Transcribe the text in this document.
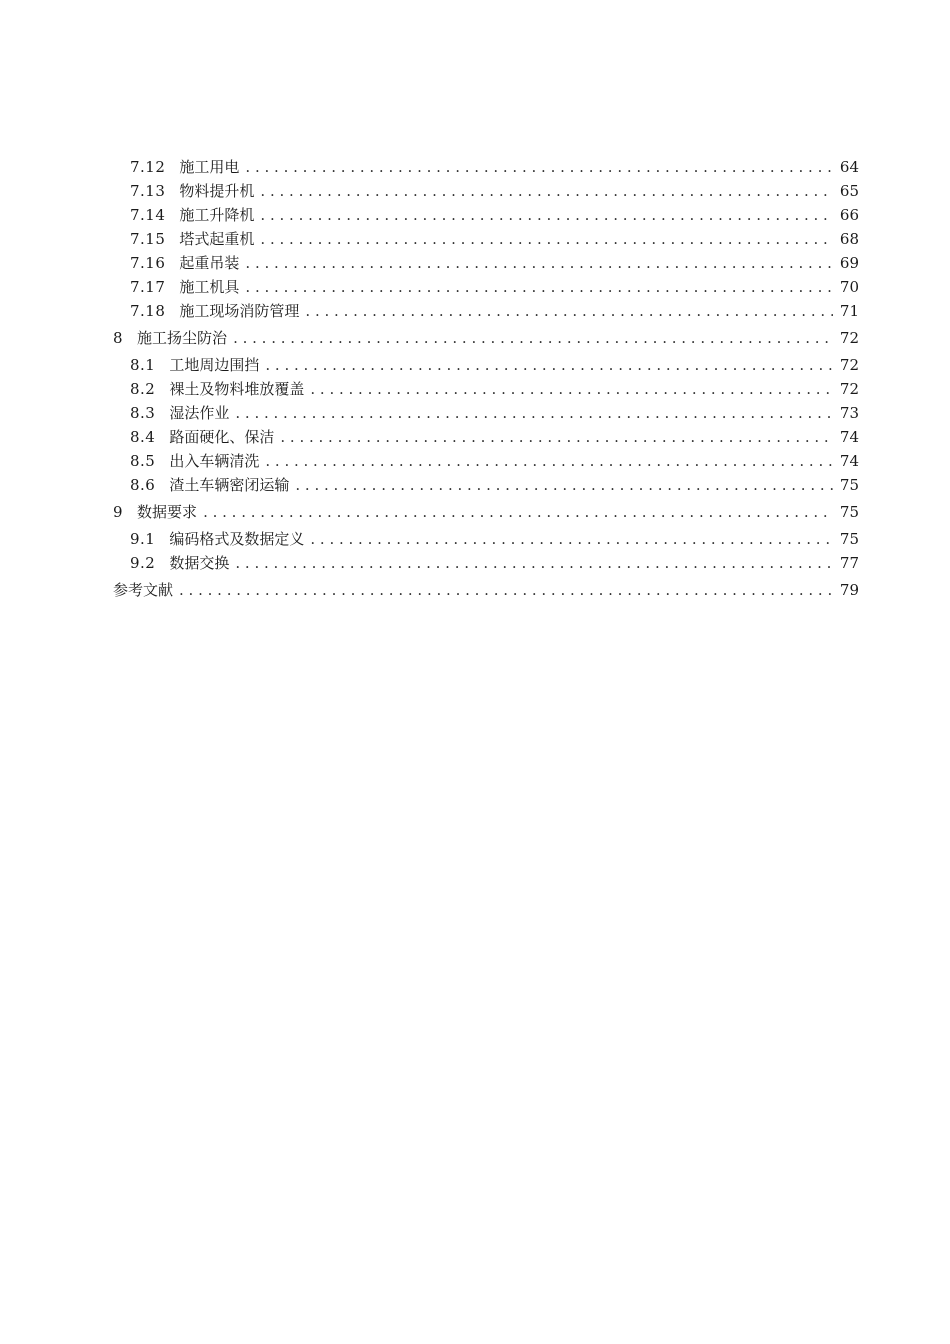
7.12 施工用电 . . .	64
7.13 物料提升机 . . .	65
7.14 施工升降机 . . .	66
7.15 塔式起重机 . . .	68
7.16 起重吊装 . . .	69
7.17 施工机具 . . .	70
7.18 施工现场消防管理 . . .	71
8 施工扬尘防治 . . .	72
8.1 工地周边围挡 . . .	72
8.2 裸土及物料堆放覆盖 . . .	72
8.3 湿法作业 . . .	73
8.4 路面硬化、保洁 . . .	74
8.5 出入车辆清洗 . . .	74
8.6 渣土车辆密闭运输 . . .	75
9 数据要求 . . .	75
9.1 编码格式及数据定义 . . .	75
9.2 数据交换 . . .	77
参考文献 . . .	79
